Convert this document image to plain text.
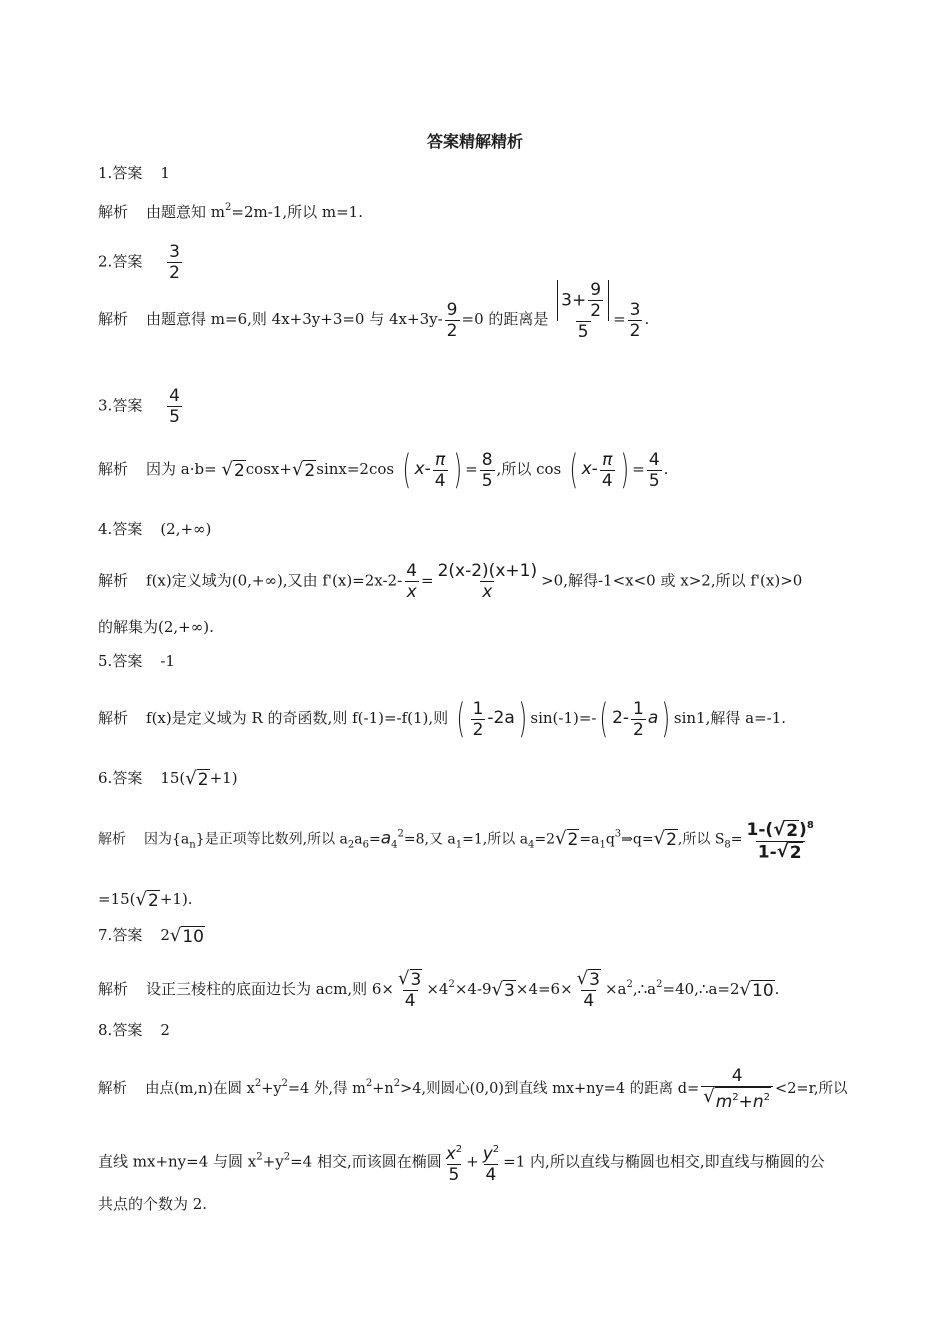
答案精解精析
1.答案 1
解析 由题意知 $m^2=2m-1$,所以 m=1.
2.答案 $\frac{3}{2}$
解析 由题意得 m=6,则 4x+3y+3=0 与 $4x+3y- \frac{9}{2} =0$ 的距离是 $\frac{3+ \frac{9}{2}}{5} = \frac{3}{2}$ .
3.答案 $\frac{4}{5}$
解析 因为 a·b= √ 2 cosx+ √ 2 sinx=2cos ( $x- \frac{\pi}{4}$ ) = $\frac{8}{5}$ ,所以 cos ( $x- \frac{\pi}{4}$ ) = $\frac{4}{5}$ .
4.答案 (2,+∞)
解析 f(x)定义域为(0,+∞),又由 $f'(x)=2x-2- \frac{4}{x} = \frac{2(x-2)(x+1)}{x} >0$,解得-1<x<0 或 x>2,所以 f'(x)>0
的解集为(2,+∞).
5.答案 -1
解析 f(x)是定义域为 R 的奇函数,则 f(-1)=-f(1),则 ( $\frac{1}{2} -2a$) sin(-1)=-( $2- \frac{1}{2} a$) sin1,解得 a=-1.
6.答案 15( √ 2 +1)
解析 因为$\{a_n\}$是正项等比数列,所以 $a_2a_6=a_4^2=8$,又 $a_1=1$,所以 $a_4=2$ √ $2 =a_1q^3\Rightarrow q=$ √ 2 ,所以 $S_8= \frac{1-( √ 2 )^8}{1- √ 2}$
=15( √ 2 +1).
7.答案 2 √ 10
解析 设正三棱柱的底面边长为 acm,则 $6\times \frac{√ 3}{4} \times 4^2\times 4-9$ √ $3 \times 4=6\times \frac{√ 3}{4}$ $\times a^2,\therefore a^2=40,\therefore a=2$ √ 10 .
8.答案 2
解析 由点(m,n)在圆 $x^2+y^2=4$ 外,得 $m^2+n^2>4$,则圆心(0,0)到直线 mx+ny=4 的距离 $d= \frac{4}{√ m^2+n^2} <2=r$,所以
直线 mx+ny=4 与圆 $x^2+y^2=4$ 相交,而该圆在椭圆 $\frac{x^2}{5} + \frac{y^2}{4} =1$ 内,所以直线与椭圆也相交,即直线与椭圆的公
共点的个数为 2.
